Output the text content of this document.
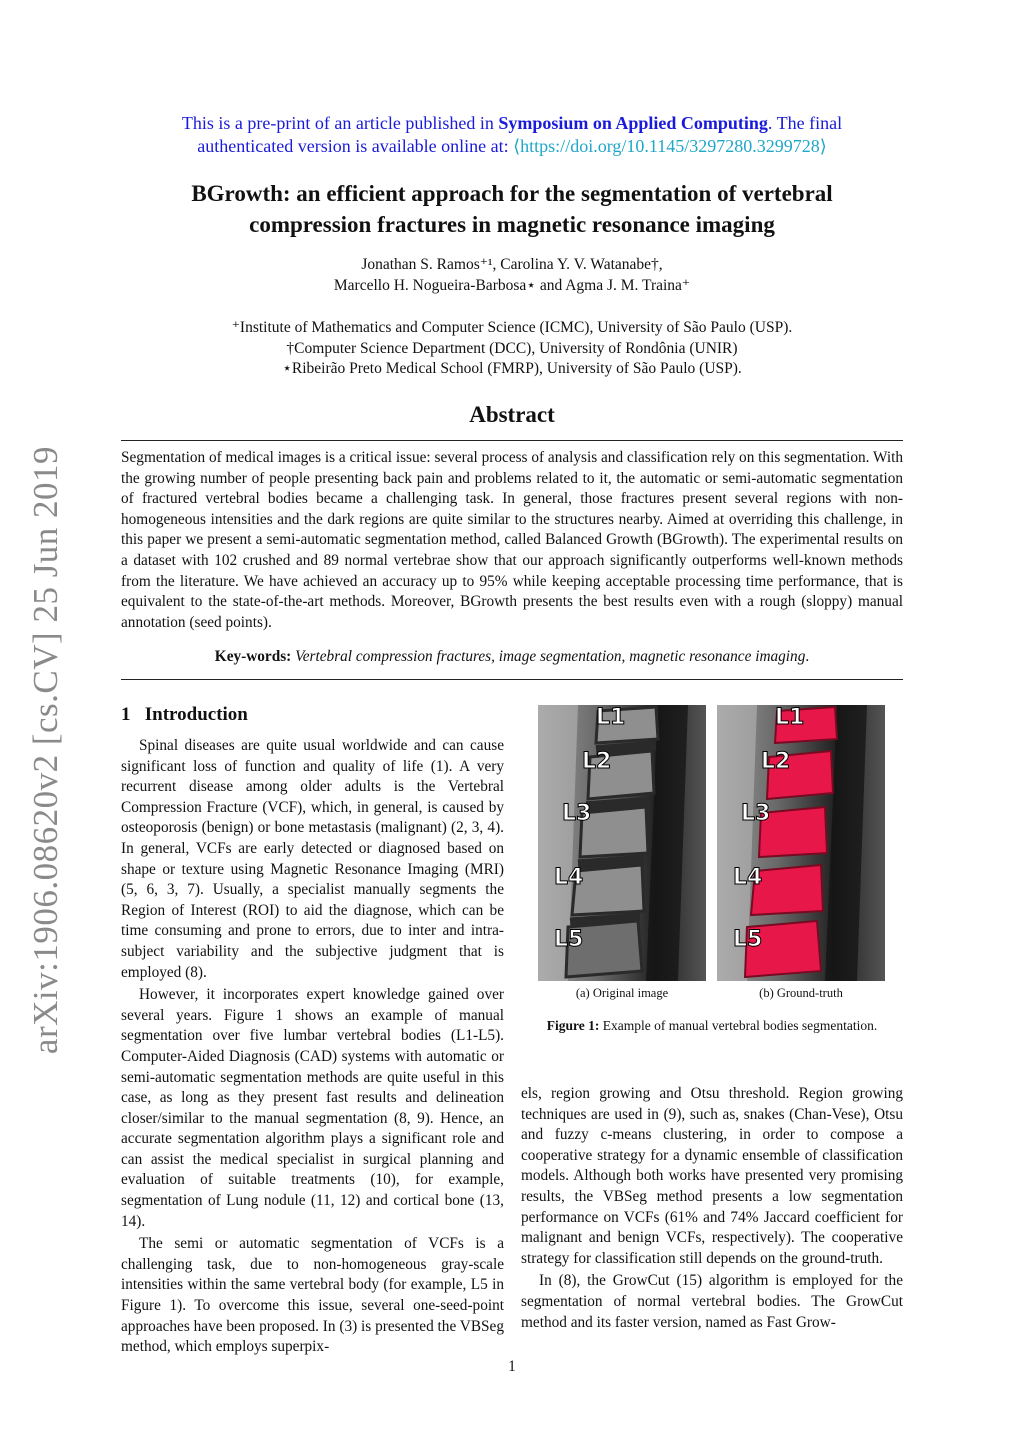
arXiv:1906.08620v2 [cs.CV] 25 Jun 2019
This is a pre-print of an article published in Symposium on Applied Computing. The final
authenticated version is available online at: ⟨https://doi.org/10.1145/3297280.3299728⟩
BGrowth: an efficient approach for the segmentation of vertebral
compression fractures in magnetic resonance imaging
Jonathan S. Ramos⁺¹, Carolina Y. V. Watanabe†,
Marcello H. Nogueira-Barbosa⋆ and Agma J. M. Traina⁺
⁺Institute of Mathematics and Computer Science (ICMC), University of São Paulo (USP).
†Computer Science Department (DCC), University of Rondônia (UNIR)
⋆Ribeirão Preto Medical School (FMRP), University of São Paulo (USP).
Abstract
Segmentation of medical images is a critical issue: several process of analysis and classification rely on this segmentation. With the growing number of people presenting back pain and problems related to it, the automatic or semi-automatic segmentation of fractured vertebral bodies became a challenging task. In general, those fractures present several regions with non-homogeneous intensities and the dark regions are quite similar to the structures nearby. Aimed at overriding this challenge, in this paper we present a semi-automatic segmentation method, called Balanced Growth (BGrowth). The experimental results on a dataset with 102 crushed and 89 normal vertebrae show that our approach significantly outperforms well-known methods from the literature. We have achieved an accuracy up to 95% while keeping acceptable processing time performance, that is equivalent to the state-of-the-art methods. Moreover, BGrowth presents the best results even with a rough (sloppy) manual annotation (seed points).
Key-words: Vertebral compression fractures, image segmentation, magnetic resonance imaging.
1 Introduction

Spinal diseases are quite usual worldwide and can cause significant loss of function and quality of life (1). A very recurrent disease among older adults is the Vertebral Compression Fracture (VCF), which, in general, is caused by osteoporosis (benign) or bone metastasis (malignant) (2, 3, 4). In general, VCFs are early detected or diagnosed based on shape or texture using Magnetic Resonance Imaging (MRI) (5, 6, 3, 7). Usually, a specialist manually segments the Region of Interest (ROI) to aid the diagnose, which can be time consuming and prone to errors, due to inter and intra-subject variability and the subjective judgment that is employed (8).

However, it incorporates expert knowledge gained over several years. Figure 1 shows an example of manual segmentation over five lumbar vertebral bodies (L1-L5). Computer-Aided Diagnosis (CAD) systems with automatic or semi-automatic segmentation methods are quite useful in this case, as long as they present fast results and delineation closer/similar to the manual segmentation (8, 9). Hence, an accurate segmentation algorithm plays a significant role and can assist the medical specialist in surgical planning and evaluation of suitable treatments (10), for example, segmentation of Lung nodule (11, 12) and cortical bone (13, 14).

The semi or automatic segmentation of VCFs is a challenging task, due to non-homogeneous gray-scale intensities within the same vertebral body (for example, L5 in Figure 1). To overcome this issue, several one-seed-point approaches have been proposed. In (3) is presented the VBSeg method, which employs superpix-

L1
L2
L3
L4
L5
L1
L2
L3
L4
L5
(a) Original image	(b) Ground-truth
Figure 1: Example of manual vertebral bodies segmentation.

els, region growing and Otsu threshold. Region growing techniques are used in (9), such as, snakes (Chan-Vese), Otsu and fuzzy c-means clustering, in order to compose a cooperative strategy for a dynamic ensemble of classification models. Although both works have presented very promising results, the VBSeg method presents a low segmentation performance on VCFs (61% and 74% Jaccard coefficient for malignant and benign VCFs, respectively). The cooperative strategy for classification still depends on the ground-truth.

In (8), the GrowCut (15) algorithm is employed for the segmentation of normal vertebral bodies. The GrowCut method and its faster version, named as Fast Grow-

1
